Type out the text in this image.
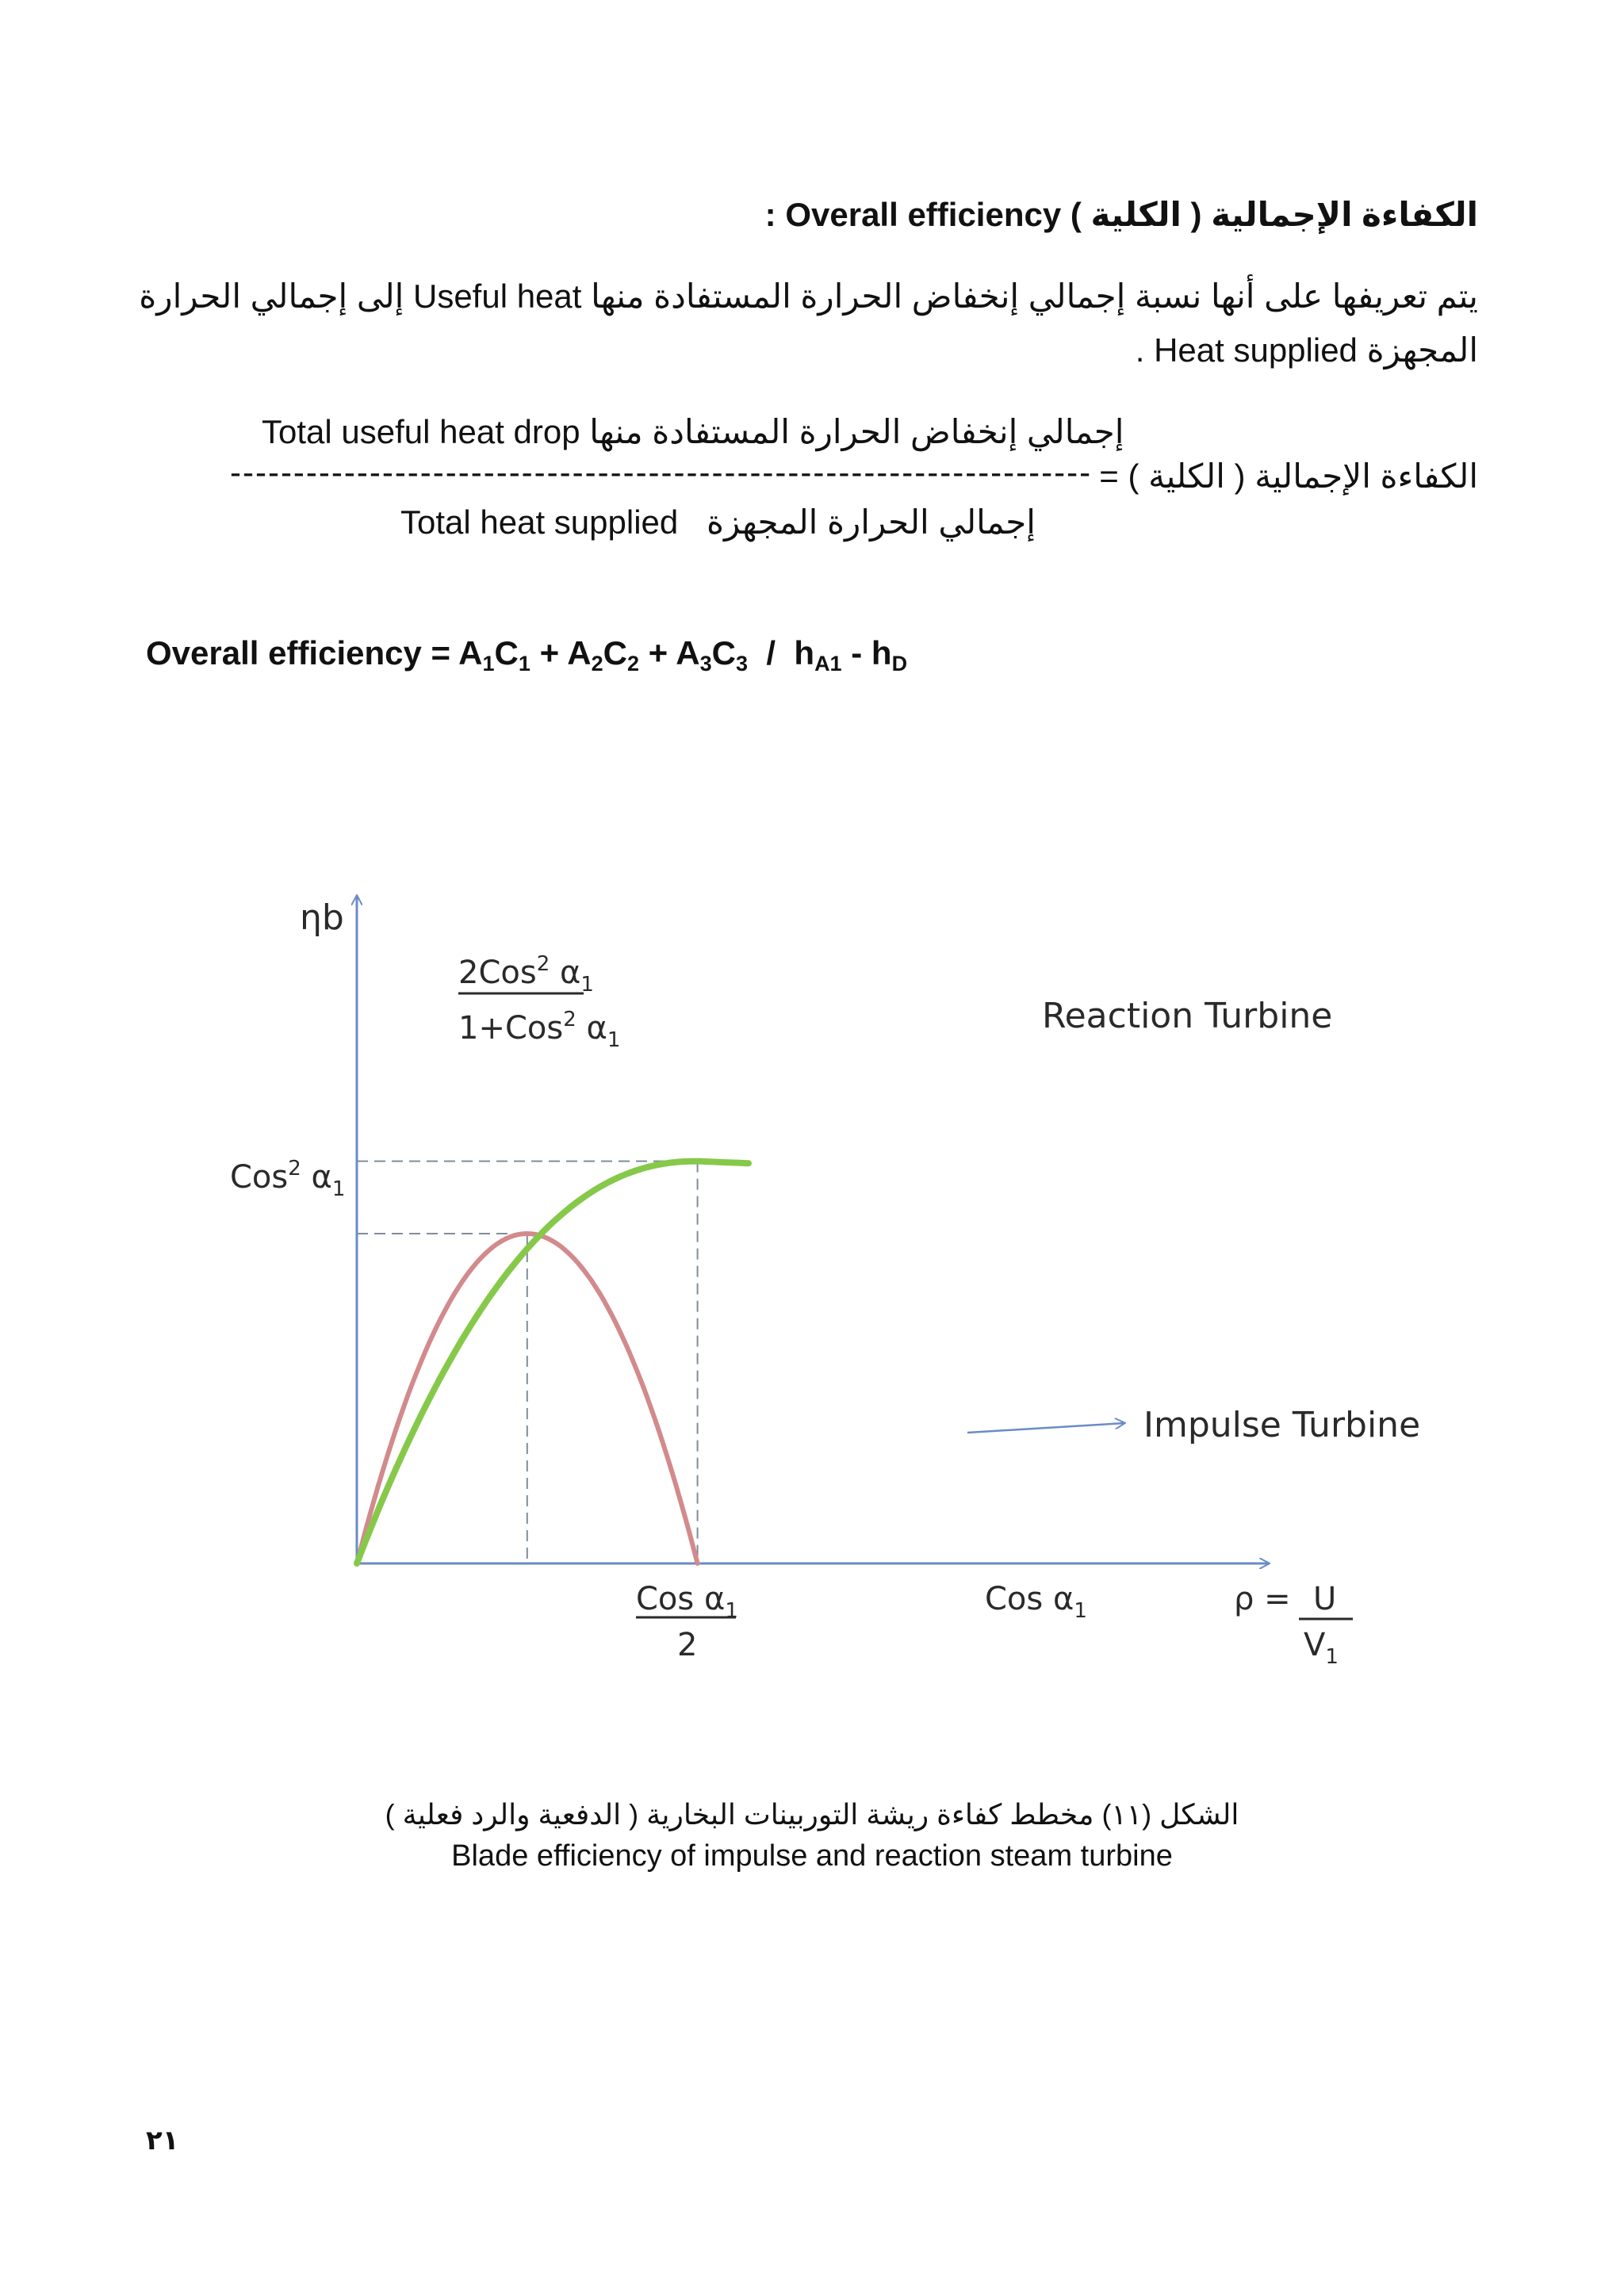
الكفاءة الإجمالية ( الكلية ) Overall efficiency :
يتم تعريفها على أنها نسبة إجمالي إنخفاض الحرارة المستفادة منها Useful heat إلى إجمالي الحرارة المجهزة Heat supplied .
Total useful heat drop إجمالي إنخفاض الحرارة المستفادة منها
-------------------------------------------------------------------- الكفاءة الإجمالية ( الكلية ) =
Total heat supplied إجمالي الحرارة المجهزة
Overall efficiency = $A_1C_1 + A_2C_2 + A_3C_3 / h_{A1} - h_D$
ηb
2Cos$^2$ $\alpha_1$
1+Cos$^2$ $\alpha_1$
Cos$^2$ $\alpha_1$
Reaction Turbine
Impulse Turbine
Cos $\alpha_1$
2
Cos $\alpha_1$	ρ = U
$V_1$
الشكل (١١) مخطط كفاءة ريشة التوربينات البخارية ( الدفعية والرد فعلية )
Blade efficiency of impulse and reaction steam turbine
٢١
